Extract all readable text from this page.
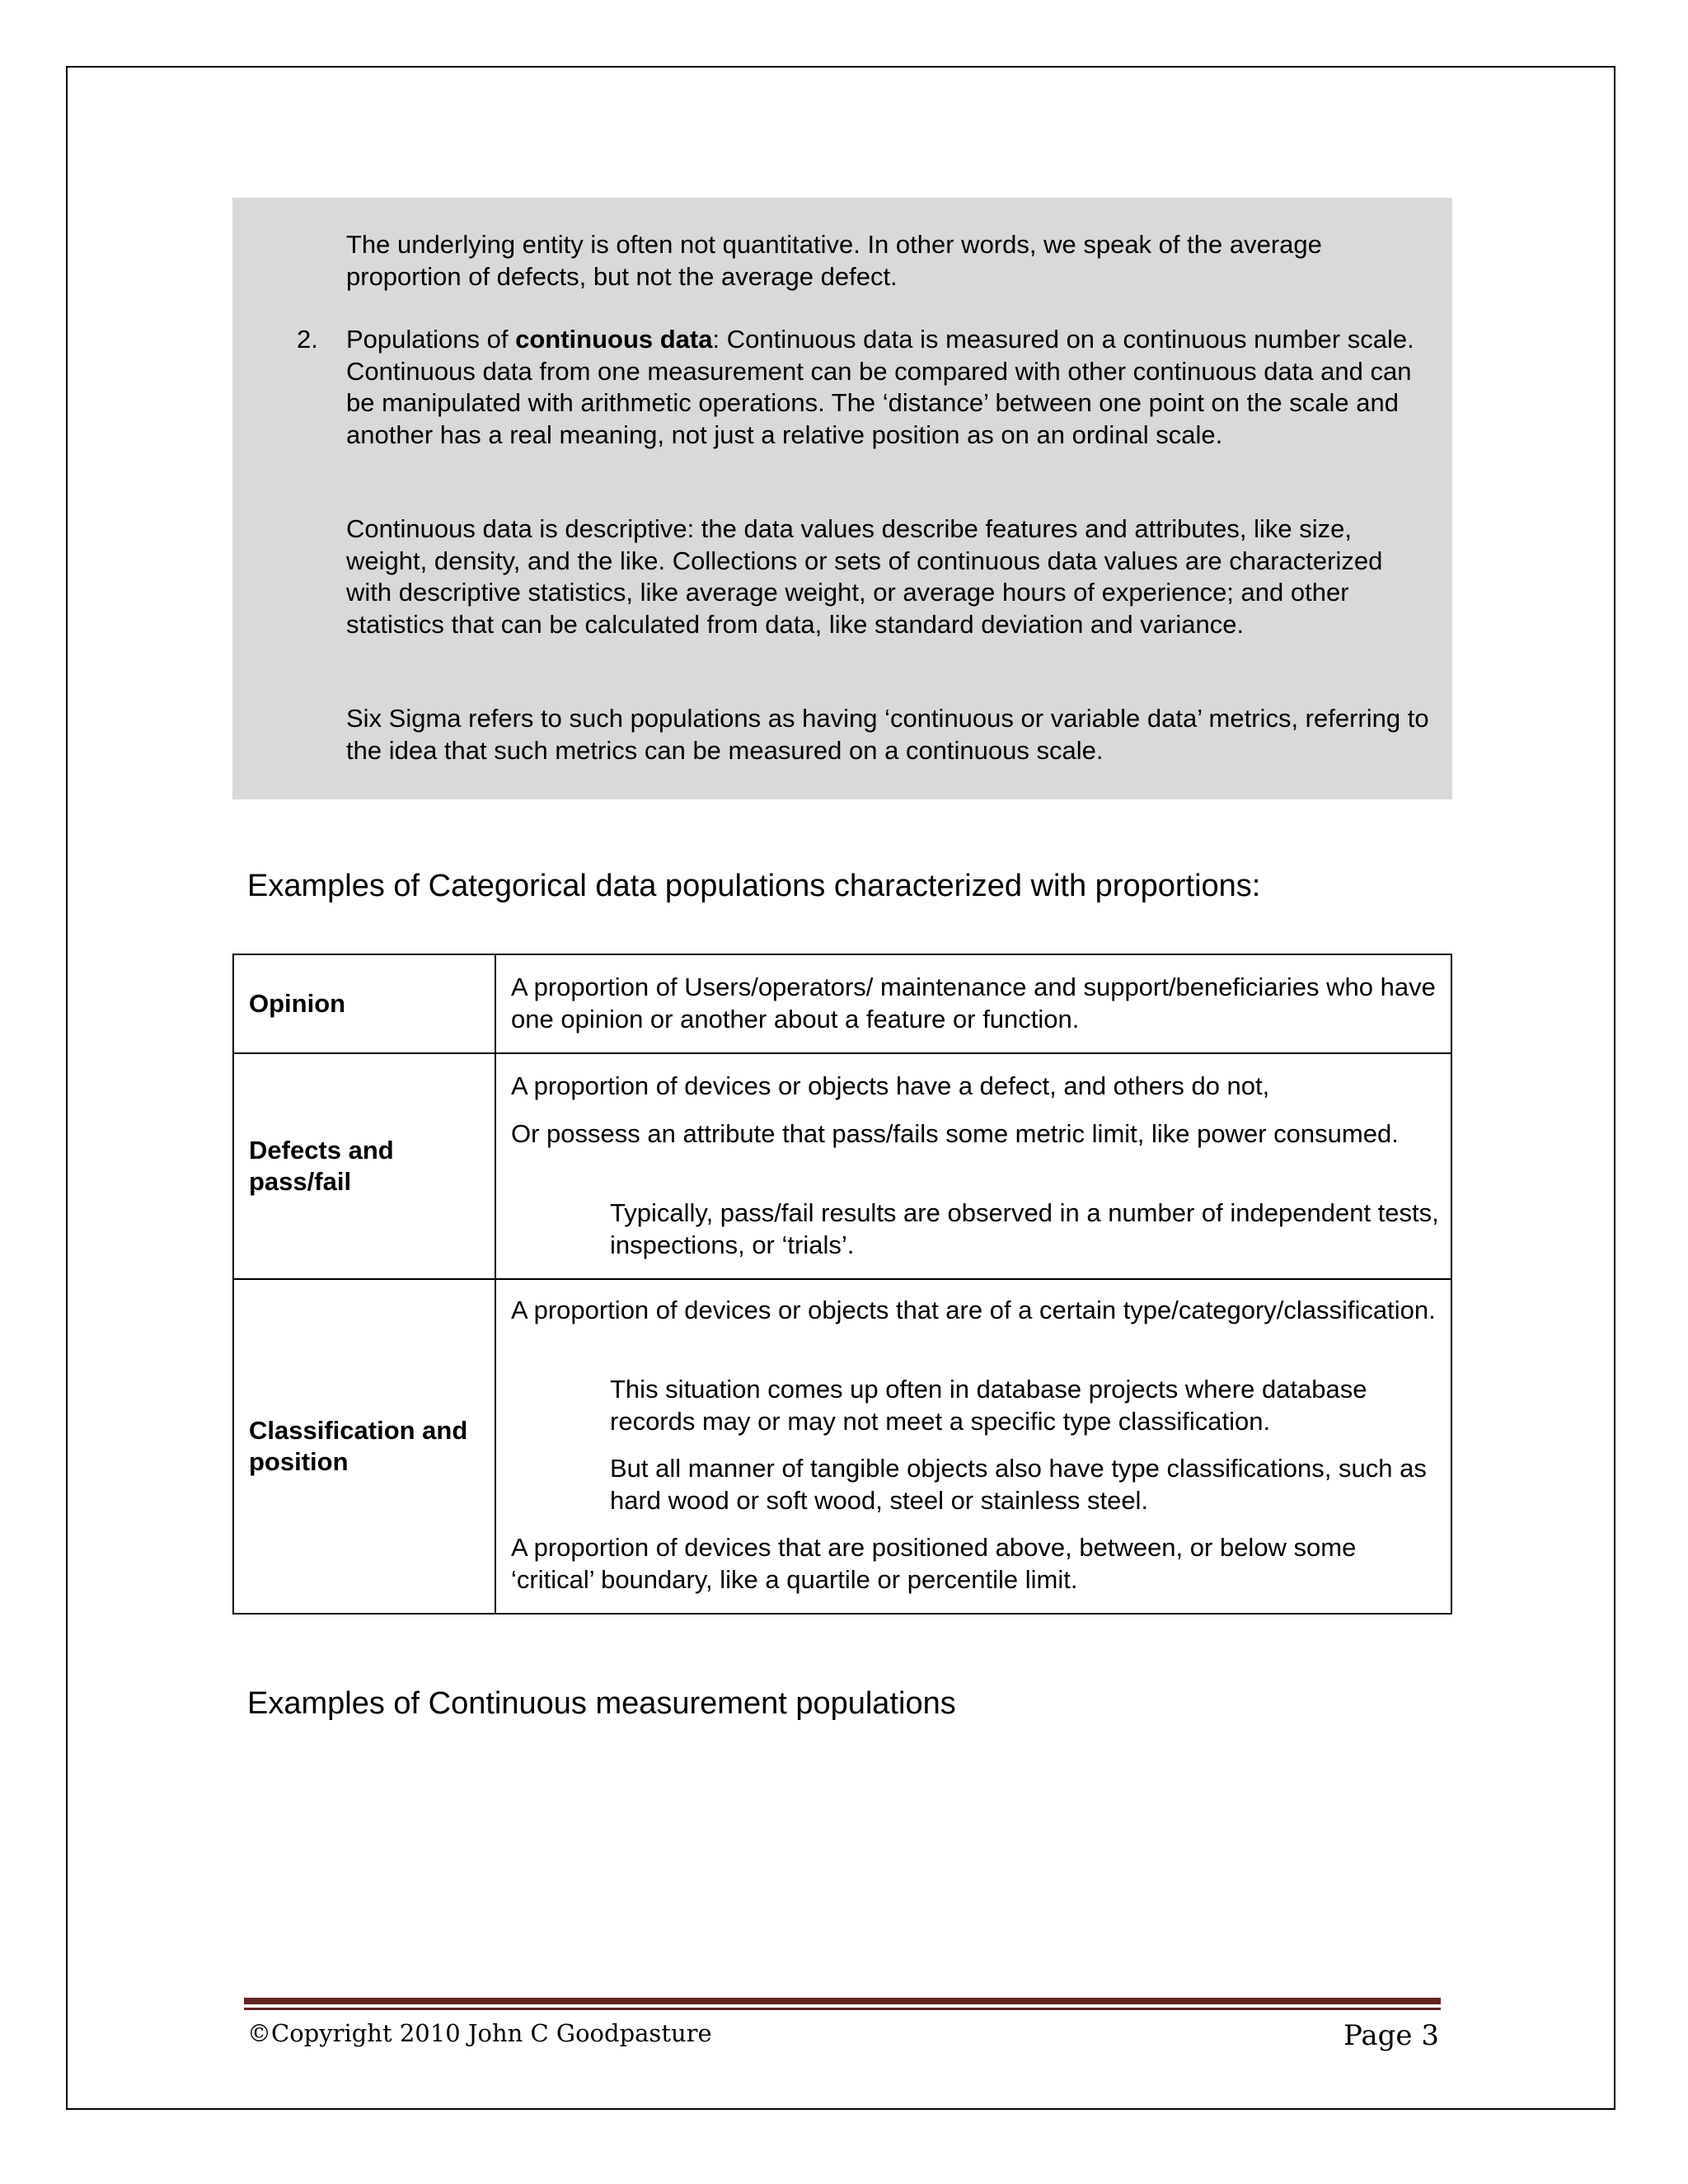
The underlying entity is often not quantitative. In other words, we speak of the average proportion of defects, but not the average defect.

2. Populations of continuous data: Continuous data is measured on a continuous number scale. Continuous data from one measurement can be compared with other continuous data and can be manipulated with arithmetic operations. The ‘distance’ between one point on the scale and another has a real meaning, not just a relative position as on an ordinal scale.

Continuous data is descriptive: the data values describe features and attributes, like size, weight, density, and the like. Collections or sets of continuous data values are characterized with descriptive statistics, like average weight, or average hours of experience; and other statistics that can be calculated from data, like standard deviation and variance.

Six Sigma refers to such populations as having ‘continuous or variable data’ metrics, referring to the idea that such metrics can be measured on a continuous scale.

Examples of Categorical data populations characterized with proportions:
Opinion

A proportion of Users/operators/ maintenance and support/beneficiaries who have one opinion or another about a feature or function.

Defects and pass/fail

A proportion of devices or objects have a defect, and others do not,

Or possess an attribute that pass/fails some metric limit, like power consumed.

Typically, pass/fail results are observed in a number of independent tests, inspections, or ‘trials’.

Classification and position

A proportion of devices or objects that are of a certain type/category/classification.

This situation comes up often in database projects where database records may or may not meet a specific type classification.

But all manner of tangible objects also have type classifications, such as hard wood or soft wood, steel or stainless steel.

A proportion of devices that are positioned above, between, or below some ‘critical’ boundary, like a quartile or percentile limit.

Examples of Continuous measurement populations

©Copyright 2010 John C Goodpasture	Page 3
